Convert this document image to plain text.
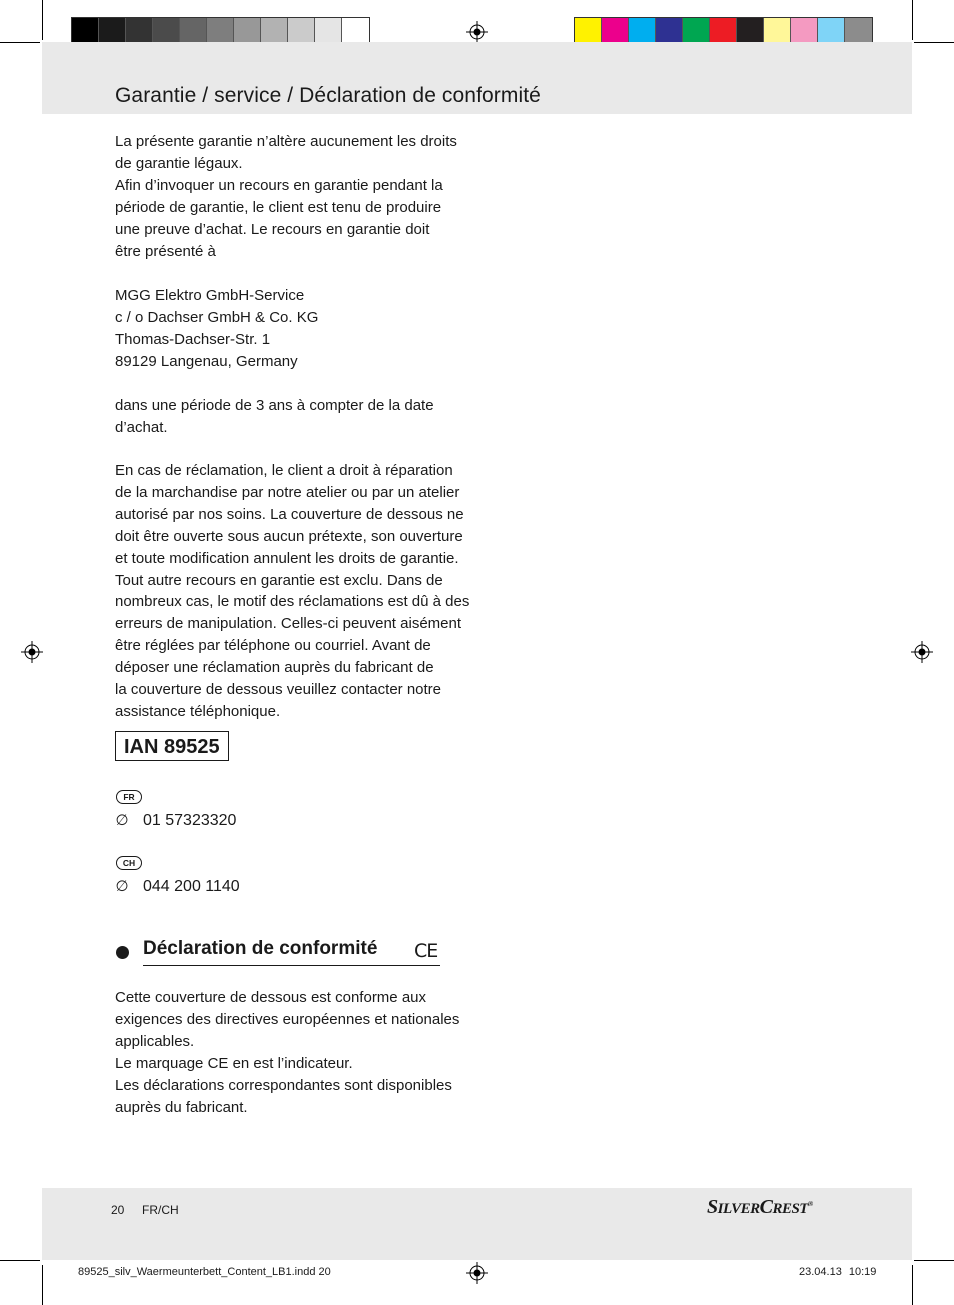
Garantie / service / Déclaration de conformité

La présente garantie n’altère aucunement les droits

de garantie légaux.

Afin d’invoquer un recours en garantie pendant la

période de garantie, le client est tenu de produire

une preuve d’achat. Le recours en garantie doit

être présenté à

MGG Elektro GmbH-Service

c / o Dachser GmbH & Co. KG

Thomas-Dachser-Str. 1

89129 Langenau, Germany

dans une période de 3 ans à compter de la date

d’achat.

En cas de réclamation, le client a droit à réparation

de la marchandise par notre atelier ou par un atelier

autorisé par nos soins. La couverture de dessous ne

doit être ouverte sous aucun prétexte, son ouverture

et toute modification annulent les droits de garantie.

Tout autre recours en garantie est exclu. Dans de

nombreux cas, le motif des réclamations est dû à des

erreurs de manipulation. Celles-ci peuvent aisément

être réglées par téléphone ou courriel. Avant de

déposer une réclamation auprès du fabricant de

la couverture de dessous veuillez contacter notre

assistance téléphonique.

IAN 89525
FR
∅ 01 57323320
CH
∅ 044 200 1140
Déclaration de conformité CE

Cette couverture de dessous est conforme aux

exigences des directives européennes et nationales

applicables.

Le marquage CE en est l’indicateur.

Les déclarations correspondantes sont disponibles

auprès du fabricant.

20 FR/CH	SILVERCREST®
89525_silv_Waermeunterbett_Content_LB1.indd 20	23.04.13 10:19
